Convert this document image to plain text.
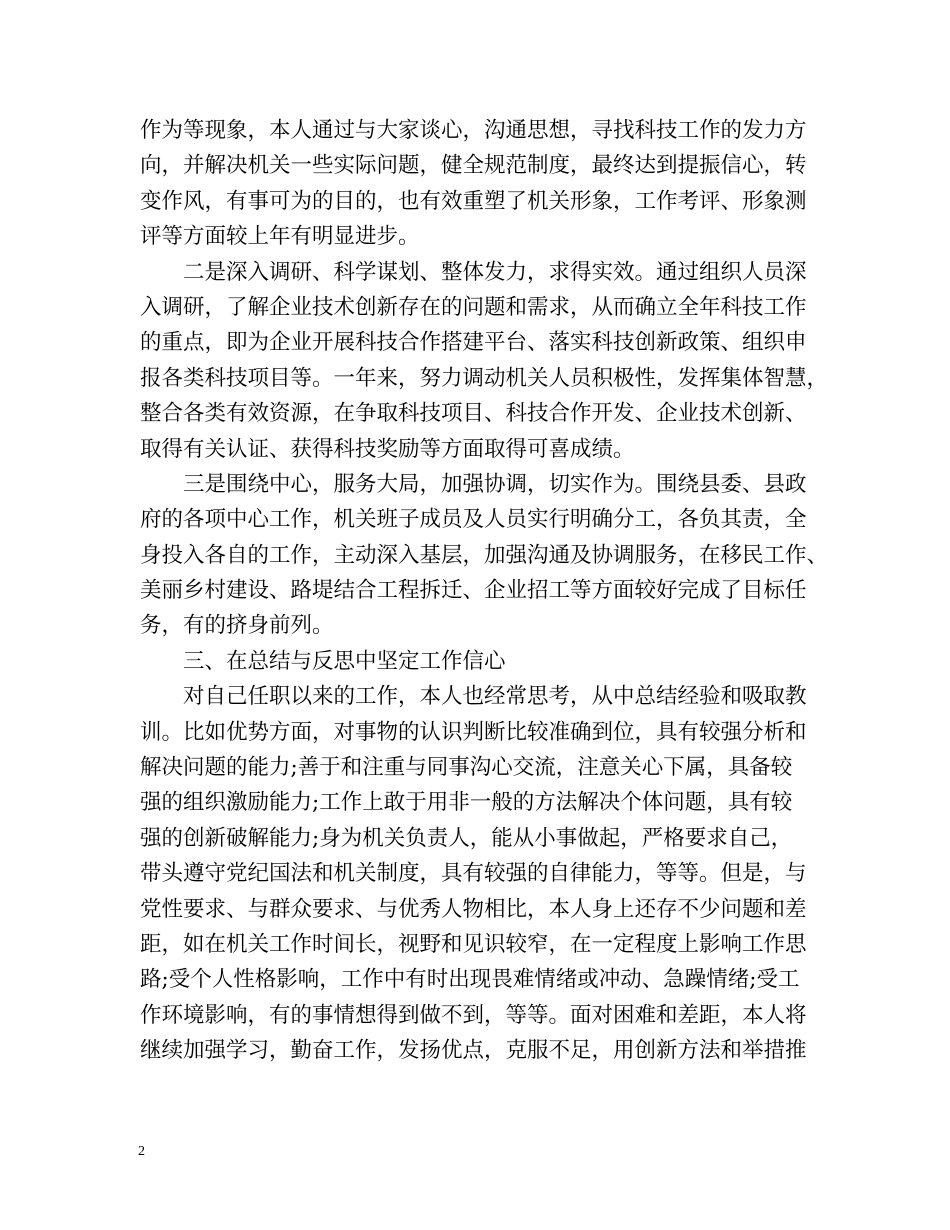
作为等现象，本人通过与大家谈心，沟通思想，寻找科技工作的发力方
向，并解决机关一些实际问题，健全规范制度，最终达到提振信心，转
变作风，有事可为的目的，也有效重塑了机关形象，工作考评、形象测
评等方面较上年有明显进步。
二是深入调研、科学谋划、整体发力，求得实效。通过组织人员深
入调研，了解企业技术创新存在的问题和需求，从而确立全年科技工作
的重点，即为企业开展科技合作搭建平台、落实科技创新政策、组织申
报各类科技项目等。一年来，努力调动机关人员积极性，发挥集体智慧，
整合各类有效资源，在争取科技项目、科技合作开发、企业技术创新、
取得有关认证、获得科技奖励等方面取得可喜成绩。
三是围绕中心，服务大局，加强协调，切实作为。围绕县委、县政
府的各项中心工作，机关班子成员及人员实行明确分工，各负其责，全
身投入各自的工作，主动深入基层，加强沟通及协调服务，在移民工作、
美丽乡村建设、路堤结合工程拆迁、企业招工等方面较好完成了目标任
务，有的挤身前列。
三、在总结与反思中坚定工作信心
对自己任职以来的工作，本人也经常思考，从中总结经验和吸取教
训。比如优势方面，对事物的认识判断比较准确到位，具有较强分析和
解决问题的能力;善于和注重与同事沟心交流，注意关心下属，具备较
强的组织激励能力;工作上敢于用非一般的方法解决个体问题，具有较
强的创新破解能力;身为机关负责人，能从小事做起，严格要求自己，
带头遵守党纪国法和机关制度，具有较强的自律能力，等等。但是，与
党性要求、与群众要求、与优秀人物相比，本人身上还存不少问题和差
距，如在机关工作时间长，视野和见识较窄，在一定程度上影响工作思
路;受个人性格影响，工作中有时出现畏难情绪或冲动、急躁情绪;受工
作环境影响，有的事情想得到做不到，等等。面对困难和差距，本人将
继续加强学习，勤奋工作，发扬优点，克服不足，用创新方法和举措推
2
